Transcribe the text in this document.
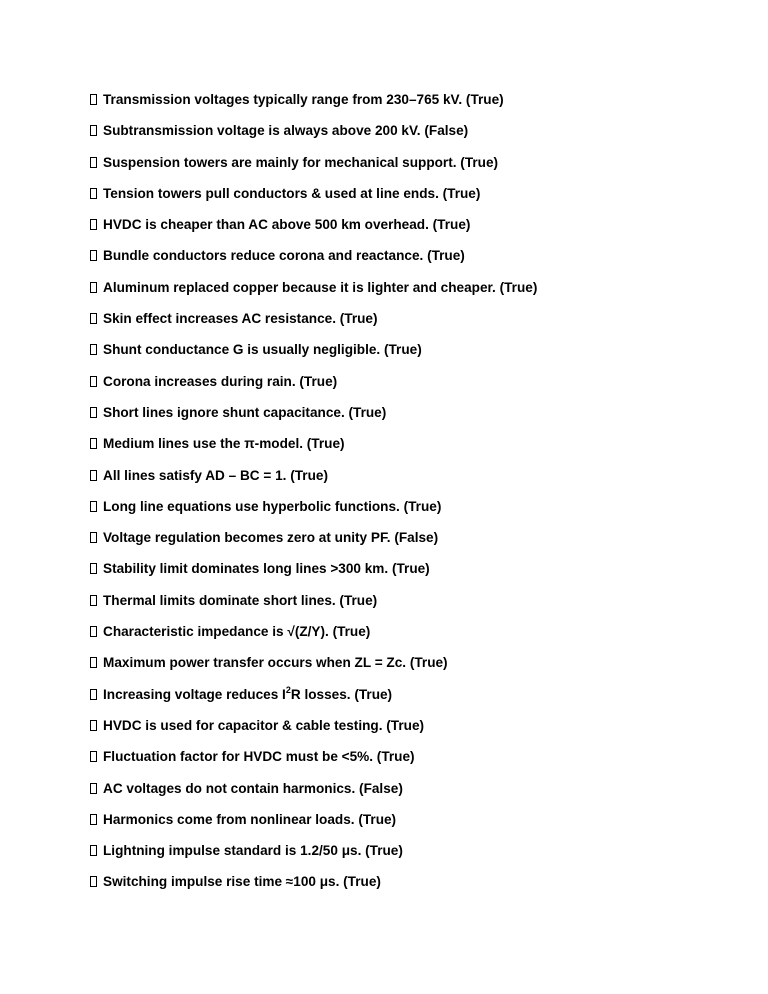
Transmission voltages typically range from 230–765 kV. (True)
Subtransmission voltage is always above 200 kV. (False)
Suspension towers are mainly for mechanical support. (True)
Tension towers pull conductors & used at line ends. (True)
HVDC is cheaper than AC above 500 km overhead. (True)
Bundle conductors reduce corona and reactance. (True)
Aluminum replaced copper because it is lighter and cheaper. (True)
Skin effect increases AC resistance. (True)
Shunt conductance G is usually negligible. (True)
Corona increases during rain. (True)
Short lines ignore shunt capacitance. (True)
Medium lines use the π-model. (True)
All lines satisfy AD – BC = 1. (True)
Long line equations use hyperbolic functions. (True)
Voltage regulation becomes zero at unity PF. (False)
Stability limit dominates long lines >300 km. (True)
Thermal limits dominate short lines. (True)
Characteristic impedance is √(Z/Y). (True)
Maximum power transfer occurs when ZL = Zc. (True)
Increasing voltage reduces $I^2R$ losses. (True)
HVDC is used for capacitor & cable testing. (True)
Fluctuation factor for HVDC must be <5%. (True)
AC voltages do not contain harmonics. (False)
Harmonics come from nonlinear loads. (True)
Lightning impulse standard is 1.2/50 μs. (True)
Switching impulse rise time ≈100 μs. (True)
